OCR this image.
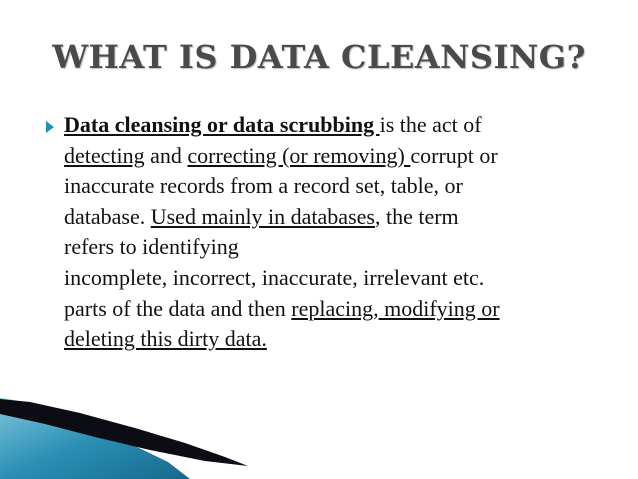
WHAT IS DATA CLEANSING?
Data cleansing or data scrubbing is the act of
detecting and correcting (or removing) corrupt or
inaccurate records from a record set, table, or
database. Used mainly in databases, the term
refers to identifying
incomplete, incorrect, inaccurate, irrelevant etc.
parts of the data and then replacing, modifying or
deleting this dirty data.
